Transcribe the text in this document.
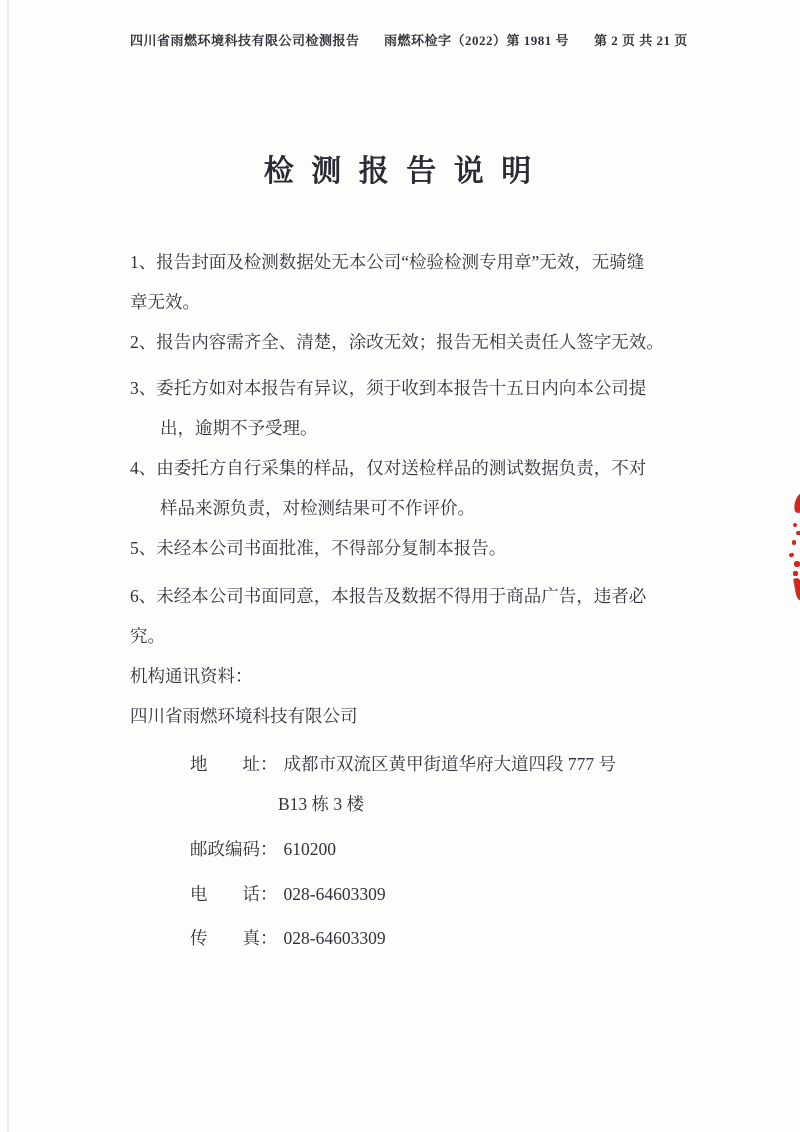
四川省雨燃环境科技有限公司检测报告 雨燃环检字（2022）第 1981 号 第 2 页 共 21 页
检 测 报 告 说 明
1、报告封面及检测数据处无本公司“检验检测专用章”无效，无骑缝
章无效。
2、报告内容需齐全、清楚，涂改无效；报告无相关责任人签字无效。
3、委托方如对本报告有异议，须于收到本报告十五日内向本公司提
出，逾期不予受理。
4、由委托方自行采集的样品，仅对送检样品的测试数据负责，不对
样品来源负责，对检测结果可不作评价。
5、未经本公司书面批准，不得部分复制本报告。
6、未经本公司书面同意，本报告及数据不得用于商品广告，违者必
究。
机构通讯资料：
四川省雨燃环境科技有限公司
地　　址： 成都市双流区黄甲街道华府大道四段 777 号
B13 栋 3 楼
邮政编码： 610200
电　　话： 028-64603309
传　　真： 028-64603309
